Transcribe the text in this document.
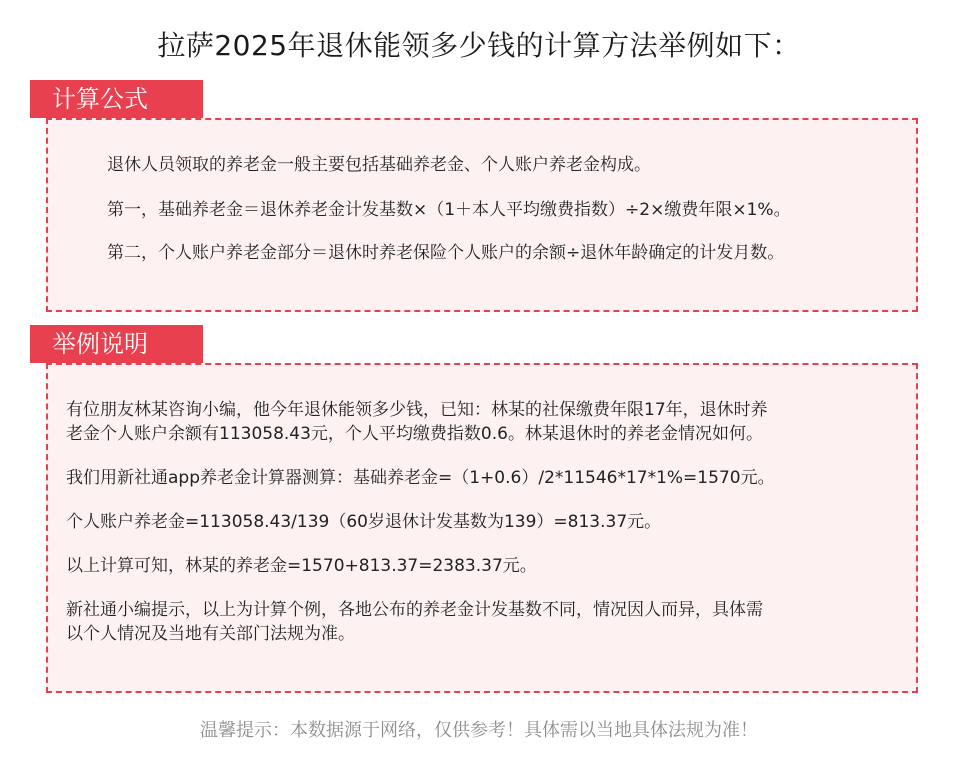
拉萨2025年退休能领多少钱的计算方法举例如下：
计算公式
退休人员领取的养老金一般主要包括基础养老金、个人账户养老金构成。
第一，基础养老金＝退休养老金计发基数×（1＋本人平均缴费指数）÷2×缴费年限×1%。
第二，个人账户养老金部分＝退休时养老保险个人账户的余额÷退休年龄确定的计发月数。
举例说明
有位朋友林某咨询小编，他今年退休能领多少钱，已知：林某的社保缴费年限17年，退休时养
老金个人账户余额有113058.43元，个人平均缴费指数0.6。林某退休时的养老金情况如何。
我们用新社通app养老金计算器测算：基础养老金=（1+0.6）/2*11546*17*1%=1570元。
个人账户养老金=113058.43/139（60岁退休计发基数为139）=813.37元。
以上计算可知，林某的养老金=1570+813.37=2383.37元。
新社通小编提示，以上为计算个例，各地公布的养老金计发基数不同，情况因人而异，具体需
以个人情况及当地有关部门法规为准。
温馨提示：本数据源于网络，仅供参考！具体需以当地具体法规为准！
